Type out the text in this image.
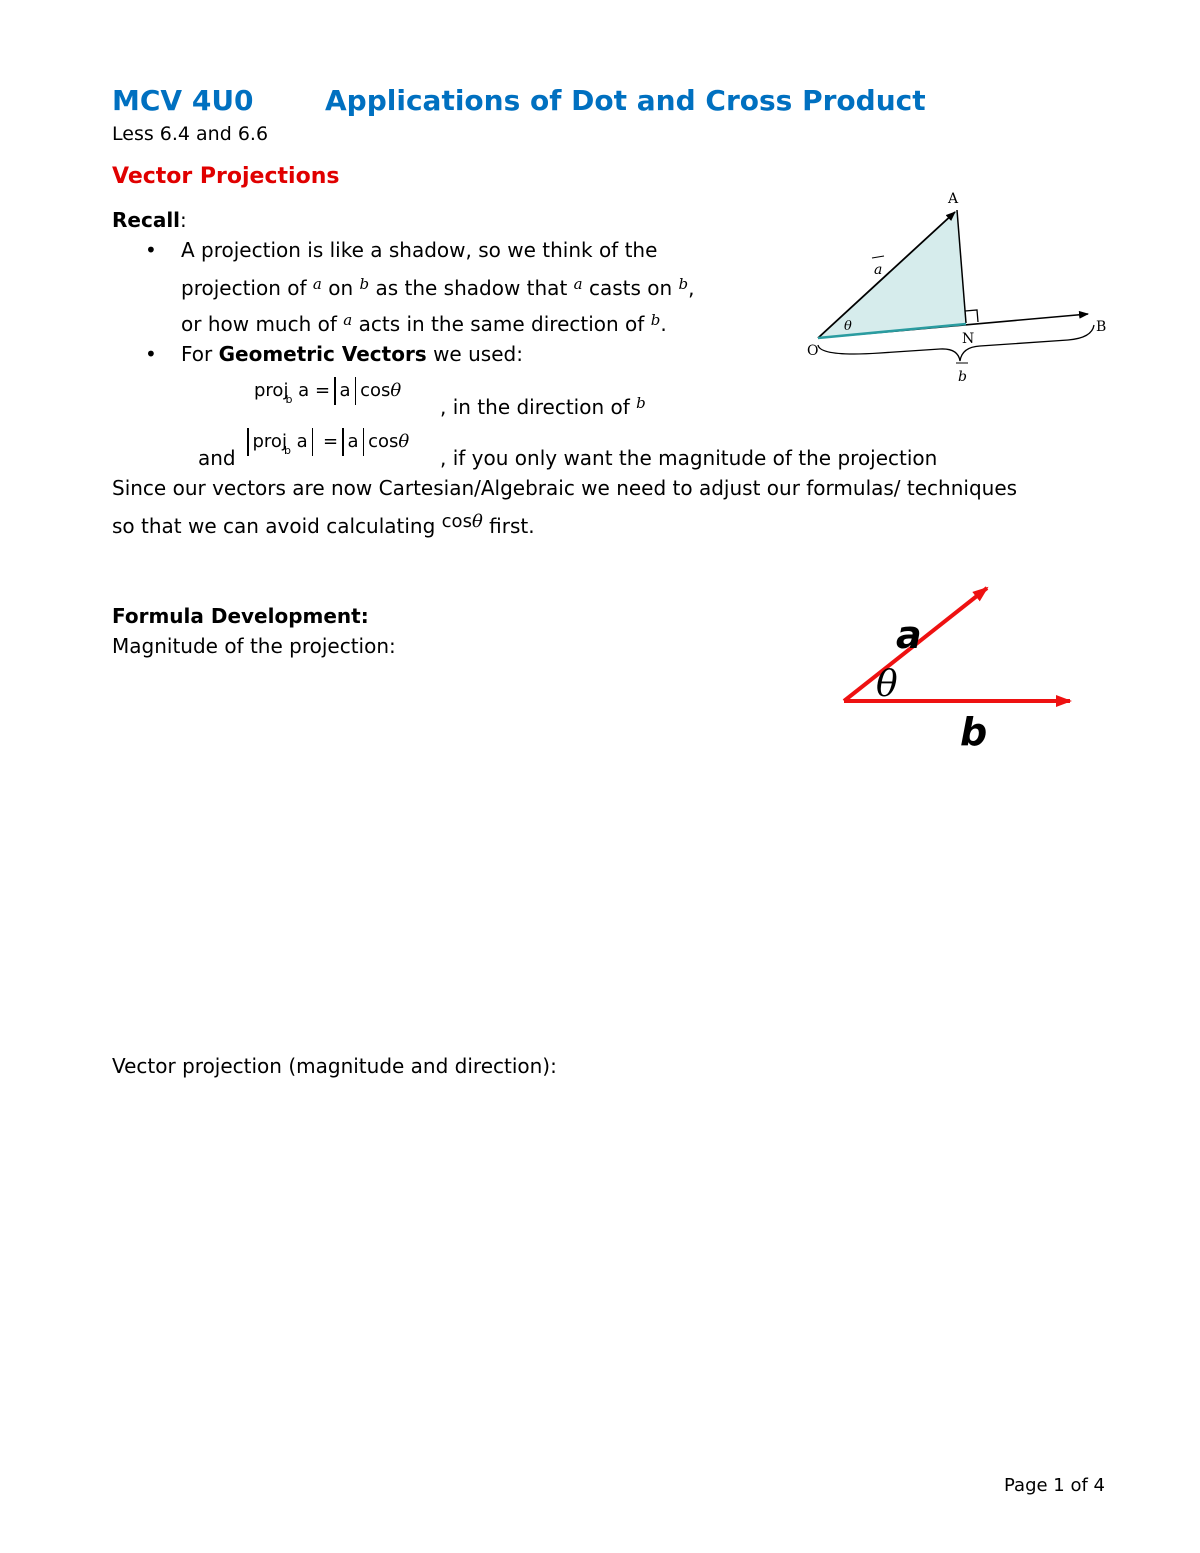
MCV 4U0	Applications of Dot and Cross Product
Less 6.4 and 6.6
Vector Projections
Recall:
• A projection is like a shadow, so we think of the
projection of $^a$ on $^b$ as the shadow that $^a$ casts on $^b$,
or how much of $^a$ acts in the same direction of $^b$.
• For Geometric Vectors we used:
proj$_b$ a = a cosθ
, in the direction of $^b$
and
proj$_b$ a = a cosθ
, if you only want the magnitude of the projection
Since our vectors are now Cartesian/Algebraic we need to adjust our formulas/ techniques
so that we can avoid calculating cosθ first.
Formula Development:
Magnitude of the projection:
Vector projection (magnitude and direction):
A
B
O
N
a
b
θ
a
θ
b
Page 1 of 4
